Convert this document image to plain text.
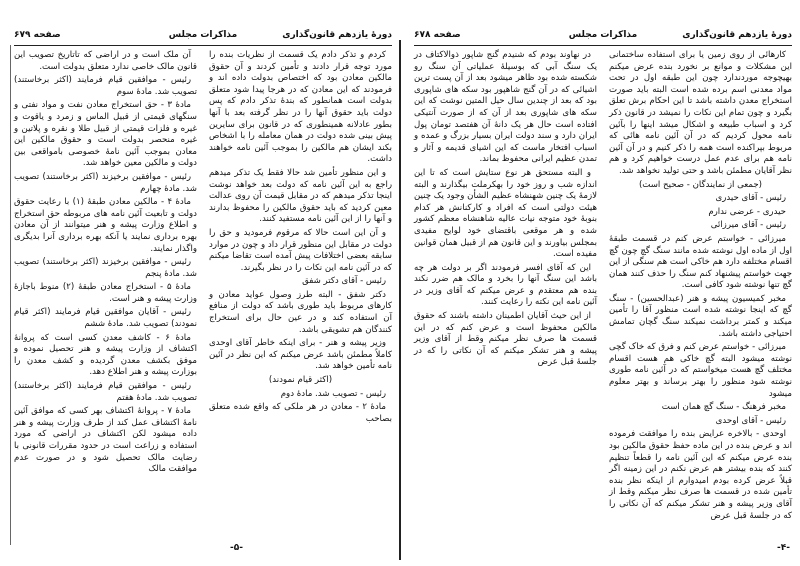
دورهٔ یازدهم قانون‌گذاری
مذاکرات مجلس
صفحه ۶۷۹

کردم و تذکر دادم یک قسمت از نظریات بنده را مورد توجه قرار دادند و تأمین کردند و آن حقوق مالکین معادن بود که اختصاص بدولت داده اند و فرمودند که این معادن که در هرجا پیدا شود متعلق بدولت است همانطور که بندهٔ تذکر دادم که پس دولت باید حقوق آنها را در نظر گرفته بعد با آنها بطور عادلانه همینطوری که در قانون برای سایرین پیش بینی شده دولت در همان معامله را با اشخاص بکند ایشان هم مالکین را بموجب آئین نامه خواهند داشت.

و این منظور تأمین شد حالا فقط یک تذکر میدهم راجع به این آئین نامه که دولت بعد خواهد نوشت اینجا تذکر میدهم که در مقابل قیمت آن روی عدالت معین کردید که باید حقوق مالکین را محفوظ بدارند و آنها را از این آئین نامه مستفید کنند.

و آن این است حالا که مرقوم فرمودید و حق را دولت در مقابل این منظور قرار داد و چون در موارد سابقه بعضی اختلافات پیش آمده است تقاضا میکنم که در آئین نامه این نکات را در نظر بگیرند.

رئیس - آقای دکتر شفق

دکتر شفق - البته طرز وصول عواید معادن و کارهای مربوط باید طوری باشد که دولت از منافع آن استفاده کند و در عین حال برای استخراج کنندگان هم تشویقی باشد.

وزیر پیشه و هنر - برای اینکه خاطر آقای اوحدی کاملاً مطمئن باشد عرض میکنم که این نظر در آئین نامه تأمین خواهد شد.

(اکثر قیام نمودند)

رئیس - تصویب شد. مادهٔ دوم

مادهٔ ۲ - معادن در هر ملکی که واقع شده متعلق بصاحب

آن ملک است و در اراضی که تاتاریخ تصویب این قانون مالک خاصی ندارد متعلق بدولت است.

رئیس - موافقین قیام فرمایند (اکثر برخاستند) تصویب شد. مادهٔ سوم

مادهٔ ۳ - حق استخراج معادن نفت و مواد نفتی و سنگهای قیمتی از قبیل الماس و زمرد و یاقوت و غیره و فلزات قیمتی از قبیل طلا و نقره و پلاتین و غیره منحصر بدولت است و حقوق مالکین این معادن بموجب آئین نامهٔ خصوصی بامواقعی بین دولت و مالکین معین خواهد شد.

رئیس - موافقین برخیزند (اکثر برخاستند) تصویب شد. مادهٔ چهارم

مادهٔ ۴ - مالکین معادن طبقهٔ (۱) با رعایت حقوق دولت و تابعیت آئین نامه های مربوطه حق استخراج و اطلاع وزارت پیشه و هنر میتوانند از آن معادن بهره برداری نمایند یا آنکه بهره برداری آنرا بدیگری واگذار نمایند.

رئیس - موافقین برخیزند (اکثر برخاستند) تصویب شد. مادهٔ پنجم

مادهٔ ۵ - استخراج معادن طبقهٔ (۲) منوط باجازهٔ وزارت پیشه و هنر است.

رئیس - آقایان موافقین قیام فرمایند (اکثر قیام نمودند) تصویب شد. مادهٔ ششم

مادهٔ ۶ - کاشف معدن کسی است که پروانهٔ اکتشاف از وزارت پیشه و هنر تحصیل نموده و موفق بکشف معدن گردیده و کشف معدن را بوزارت پیشه و هنر اطلاع دهد.

رئیس - موافقین قیام فرمایند (اکثر برخاستند) تصویب شد. مادهٔ هفتم

مادهٔ ۷ - پروانهٔ اکتشاف بهر کسی که موافق آئین نامهٔ اکتشاف عمل کند از طرف وزارت پیشه و هنر داده میشود لکن اکتشاف در اراضی که مورد استفاده و زراعت است در حدود مقررات قانونی با رضایت مالک تحصیل شود و در صورت عدم موافقت مالک

-۵-
دورهٔ یازدهم قانون‌گذاری
مذاکرات مجلس
صفحه ۶۷۸

کارهائی از روی زمین یا برای استفاده ساختمانی این مشکلات و موانع بر نخورد بنده عرض میکنم بهیچوجه موردندارد چون این طبقه اول در تحت مواد معدنی اسم برده شده است البته باید صورت استخراج معدن داشته باشد تا این احکام برش تعلق بگیرد و چون تمام این نکات را نمیشد در قانون ذکر کرد و اسباب طبیعه و اشکال میشد اینها را بآئین نامه محول کردیم که در آن آئین نامه هائی که مربوط بپراکنده است همه را ذکر کنیم و در آن آئین نامه هم برای عدم عمل درست خواهیم کرد و هم نظر آقایان مطمئن باشد و حتی تولید نخواهد شد.

(جمعی از نمایندگان - صحیح است)

رئیس - آقای حیدری

حیدری - عرضی ندارم

رئیس - آقای میرزائی

میرزائی - خواستم عرض کنم در قسمت طبقهٔ اول از ماده اول نوشته شده مانند سنگ گچ چون گچ اقسام مختلفه دارد هم خاکی است هم سنگی از این جهت خواستم پیشنهاد کنم سنگ را حذف کنند همان گچ تنها نوشته شود کافی است.

مخبر کمیسیون پیشه و هنر (عبدالحسین) - سنگ گچ که اینجا نوشته شده است منظور آقا را تأمین میکند و کمتر برداشت نمیکند سنگ گچان تمامش احتیاجی داشته باشد.

میرزائی - خواستم عرض کنم و فرق که خاک گچی نوشته میشود البته گچ خاکی هم هست اقسام مختلف گچ هست میخواستم که در آئین نامه طوری نوشته شود منظور را بهتر برساند و بهتر معلوم میشود

مخبر فرهنگ - سنگ گچ همان است

رئیس - آقای اوحدی

اوحدی - بالاخره عرایض بنده را موافقت فرموده اند و عرض بنده در این ماده حفظ حقوق مالکین بود بنده عرض میکنم که این آئین نامه را قطعاً تنظیم کنند که بنده بیشتر هم عرض نکنم در این زمینه اگر قبلاً عرض کرده بودم امیدوارم از اینکه نظر بنده تأمین شده در قسمت ها صرف نظر میکنم وقط از آقای وزیر پیشه و هنر تشکر میکنم که آن نکاتی را که در جلسهٔ قبل عرض

در نهاوند بودم که شنیدم گنج شاپور ذوالاکتاف در یک سنگ آبی که بوسیلهٔ عملیاتی آن سنگ رو شکسته شده بود ظاهر میشود بعد از آن پست ترین اشیائی که در آن گنج شاهپور بود سکه های شاپوری بود که بعد از چندین سال حیل المتین نوشت که این سکه های شاپوری بعد از آن که از صورت آنتیکی افتاده است حال هر یک دانهٔ آن هفتصد تومان پول ایران دارد و سند دولت ایران بسیار بزرگ و عمده و اسباب افتخار ماست که این اشیای قدیمه و آثار و تمدن عظیم ایرانی محفوظ بماند.

و البته مستحق هر نوع ستایش است که تا این اندازه شب و روز خود را بهکرملت بیگذارند و البته لازمهٔ یک چنین شهنشاه عظیم الشأن وجود یک چنین هیئت دولتی است که افراد و کارکنانش هر کدام بنوبهٔ خود متوجه نیات عالیه شاهنشاه معظم کشور شده و هر موقعی باقتضای خود لوایح مفیدی بمجلس بیاورند و این قانون هم از قبیل همان قوانین مفیده است.

این که آقای افسر فرمودند اگر بر دولت هر چه باشد این سنگ آنها را بخرد و مالک هم ضرر نکند بنده هم معتقدم و عرض میکنم که آقای وزیر در آئین نامه این نکته را رعایت کنند.

از این حیث آقایان اطمینان داشته باشند که حقوق مالکین محفوظ است و عرض کنم که در این قسمت ها صرف نظر میکنم وقط از آقای وزیر پیشه و هنر تشکر میکنم که آن نکاتی را که در جلسهٔ قبل عرض

-۴-
